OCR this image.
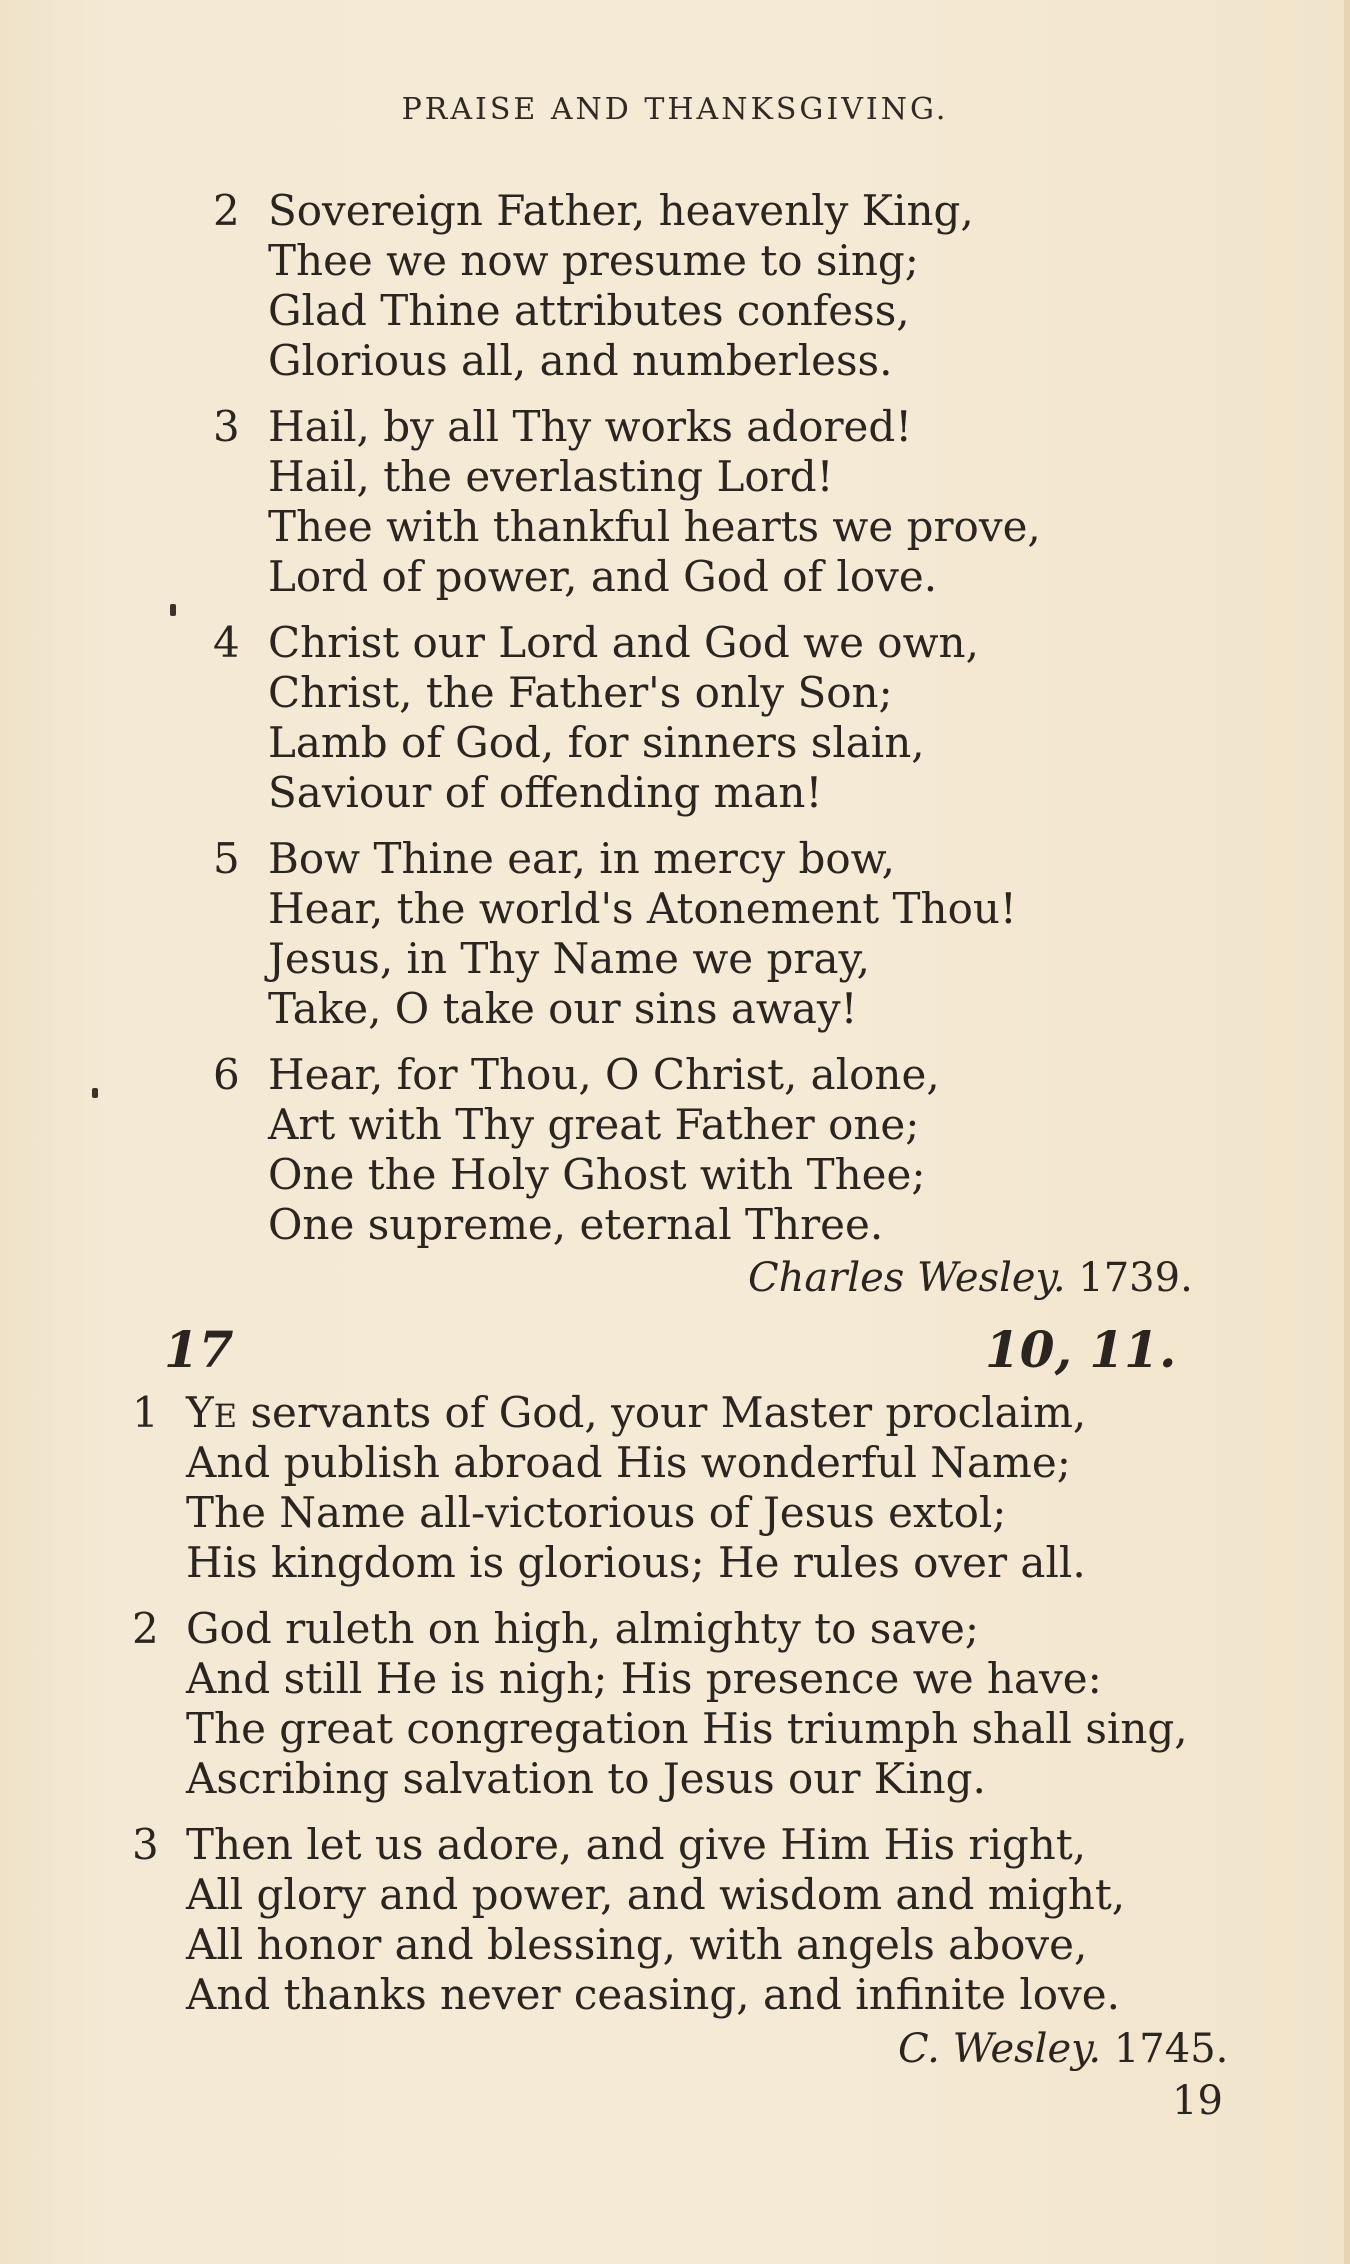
PRAISE AND THANKSGIVING.
2 Sovereign Father, heavenly King,
Thee we now presume to sing;
Glad Thine attributes confess,
Glorious all, and numberless.
3 Hail, by all Thy works adored!
Hail, the everlasting Lord!
Thee with thankful hearts we prove,
Lord of power, and God of love.
4 Christ our Lord and God we own,
Christ, the Father's only Son;
Lamb of God, for sinners slain,
Saviour of offending man!
5 Bow Thine ear, in mercy bow,
Hear, the world's Atonement Thou!
Jesus, in Thy Name we pray,
Take, O take our sins away!
6 Hear, for Thou, O Christ, alone,
Art with Thy great Father one;
One the Holy Ghost with Thee;
One supreme, eternal Three.
Charles Wesley. 1739.
17	10, 11.
1 YE servants of God, your Master proclaim,
And publish abroad His wonderful Name;
The Name all-victorious of Jesus extol;
His kingdom is glorious; He rules over all.
2 God ruleth on high, almighty to save;
And still He is nigh; His presence we have:
The great congregation His triumph shall sing,
Ascribing salvation to Jesus our King.
3 Then let us adore, and give Him His right,
All glory and power, and wisdom and might,
All honor and blessing, with angels above,
And thanks never ceasing, and infinite love.
C. Wesley. 1745.
19
